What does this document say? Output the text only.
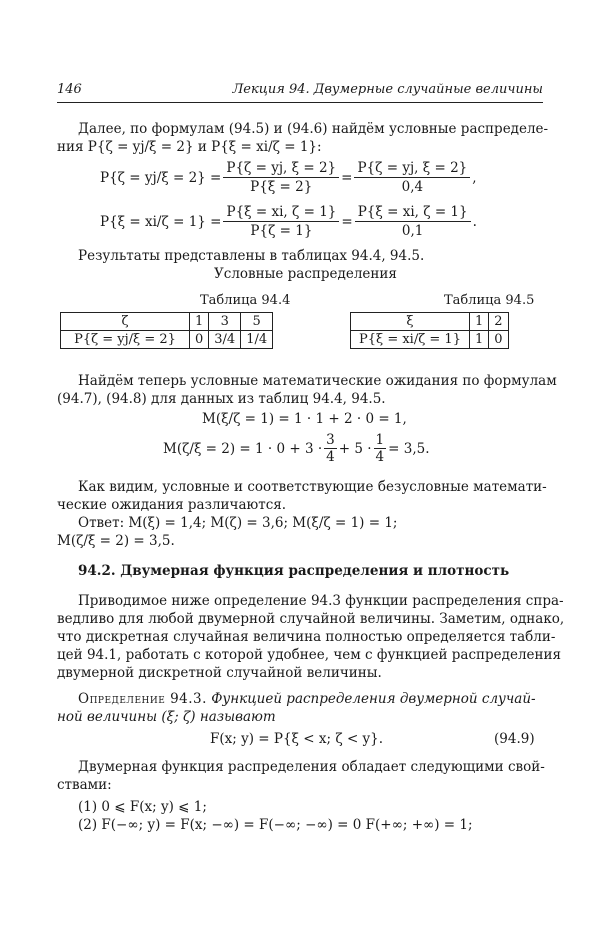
146	Лекция 94. Двумерные случайные величины
Далее, по формулам (94.5) и (94.6) найдём условные распределе-
ния P{ζ = yj/ξ = 2} и P{ξ = xi/ζ = 1}:
$P\{\zeta = yj/\xi = 2\} = \frac{P\{\zeta = yj, \xi = 2\}}{P\{\xi = 2\}} = \frac{P\{\zeta = yj, \xi = 2\}}{0,4}$ ,
$P\{\xi = xi/\zeta = 1\} = \frac{P\{\xi = xi, \zeta = 1\}}{P\{\zeta = 1\}} = \frac{P\{\xi = xi, \zeta = 1\}}{0,1}$ .
Результаты представлены в таблицах 94.4, 94.5.
Условные распределения
Таблица 94.4
ζ	1	3	5
P{ζ = yj/ξ = 2}	0	3/4	1/4
Таблица 94.5
ξ	1	2
P{ξ = xi/ζ = 1}	1	0
Найдём теперь условные математические ожидания по формулам
(94.7), (94.8) для данных из таблиц 94.4, 94.5.
M(ξ/ζ = 1) = 1 · 1 + 2 · 0 = 1,
$M(\zeta/\xi = 2) = 1 \cdot 0 + 3 \cdot \frac{3}{4} + 5 \cdot \frac{1}{4} = 3,5$.
Как видим, условные и соответствующие безусловные математи-
ческие ожидания различаются.
Ответ: M(ξ) = 1,4; M(ζ) = 3,6; M(ξ/ζ = 1) = 1;
M(ζ/ξ = 2) = 3,5.
94.2. Двумерная функция распределения и плотность
Приводимое ниже определение 94.3 функции распределения спра-
ведливо для любой двумерной случайной величины. Заметим, однако,
что дискретная случайная величина полностью определяется табли-
цей 94.1, работать с которой удобнее, чем с функцией распределения
двумерной дискретной случайной величины.
Определение 94.3. Функцией распределения двумерной случай-
ной величины (ξ; ζ) называют
F(x; y) = P{ξ < x; ζ < y}.	(94.9)
Двумерная функция распределения обладает следующими свой-
ствами:
(1) 0 ⩽ F(x; y) ⩽ 1;
(2) F(−∞; y) = F(x; −∞) = F(−∞; −∞) = 0 F(+∞; +∞) = 1;
